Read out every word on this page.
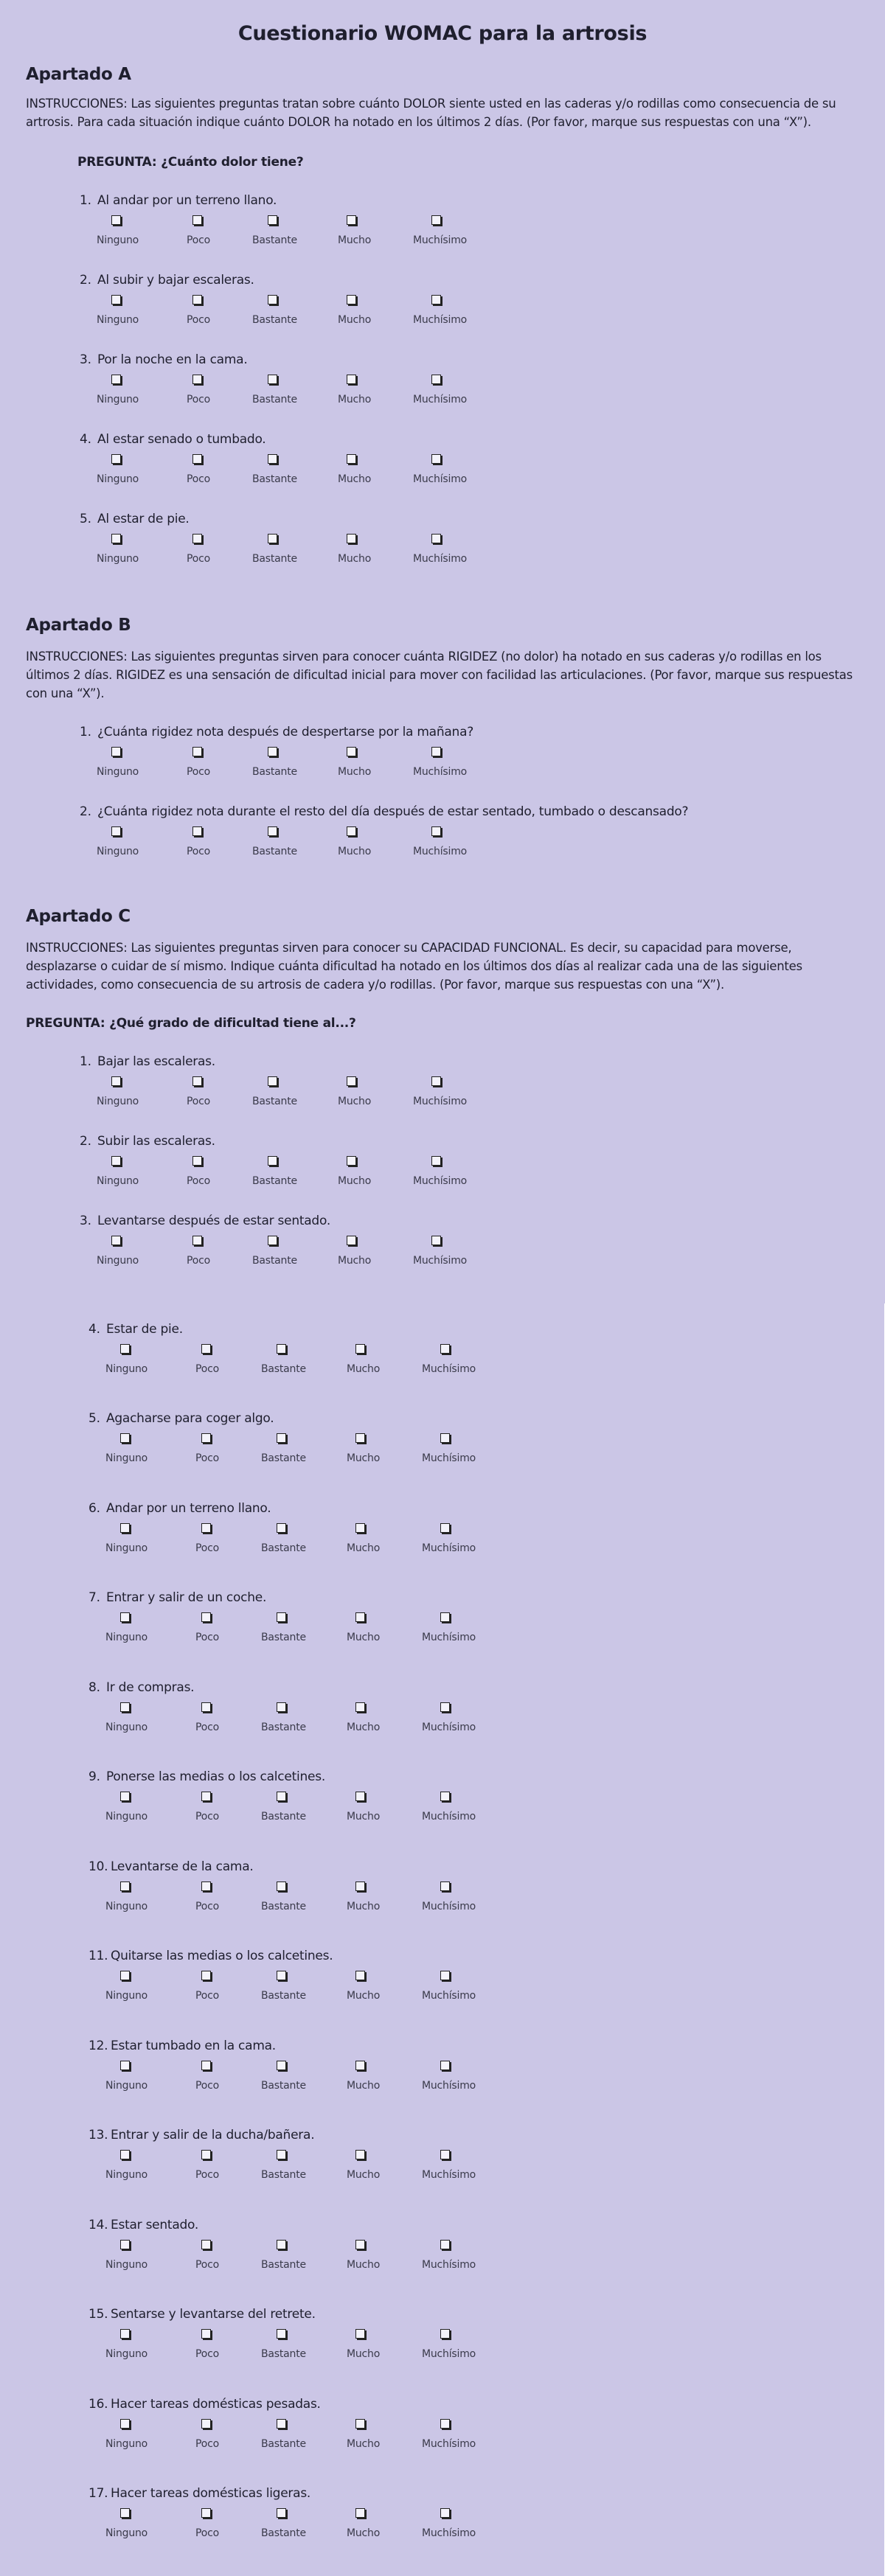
Cuestionario WOMAC para la artrosis
Apartado A

INSTRUCCIONES: Las siguientes preguntas tratan sobre cuánto DOLOR siente usted en las caderas y/o rodillas como consecuencia de su artrosis. Para cada situación indique cuánto DOLOR ha notado en los últimos 2 días. (Por favor, marque sus respuestas con una “X”).

PREGUNTA: ¿Cuánto dolor tiene?
1. Al andar por un terreno llano.
Ninguno	Poco	Bastante	Mucho	Muchísimo
2. Al subir y bajar escaleras.
Ninguno	Poco	Bastante	Mucho	Muchísimo
3. Por la noche en la cama.
Ninguno	Poco	Bastante	Mucho	Muchísimo
4. Al estar senado o tumbado.
Ninguno	Poco	Bastante	Mucho	Muchísimo
5. Al estar de pie.
Ninguno	Poco	Bastante	Mucho	Muchísimo
Apartado B

INSTRUCCIONES: Las siguientes preguntas sirven para conocer cuánta RIGIDEZ (no dolor) ha notado en sus caderas y/o rodillas en los últimos 2 días. RIGIDEZ es una sensación de dificultad inicial para mover con facilidad las articulaciones. (Por favor, marque sus respuestas con una “X”).

1. ¿Cuánta rigidez nota después de despertarse por la mañana?
Ninguno	Poco	Bastante	Mucho	Muchísimo
2. ¿Cuánta rigidez nota durante el resto del día después de estar sentado, tumbado o descansado?
Ninguno	Poco	Bastante	Mucho	Muchísimo
Apartado C

INSTRUCCIONES: Las siguientes preguntas sirven para conocer su CAPACIDAD FUNCIONAL. Es decir, su capacidad para moverse, desplazarse o cuidar de sí mismo. Indique cuánta dificultad ha notado en los últimos dos días al realizar cada una de las siguientes actividades, como consecuencia de su artrosis de cadera y/o rodillas. (Por favor, marque sus respuestas con una “X”).

PREGUNTA: ¿Qué grado de dificultad tiene al...?
1. Bajar las escaleras.
Ninguno	Poco	Bastante	Mucho	Muchísimo
2. Subir las escaleras.
Ninguno	Poco	Bastante	Mucho	Muchísimo
3. Levantarse después de estar sentado.
Ninguno	Poco	Bastante	Mucho	Muchísimo
4. Estar de pie.
Ninguno	Poco	Bastante	Mucho	Muchísimo
5. Agacharse para coger algo.
Ninguno	Poco	Bastante	Mucho	Muchísimo
6. Andar por un terreno llano.
Ninguno	Poco	Bastante	Mucho	Muchísimo
7. Entrar y salir de un coche.
Ninguno	Poco	Bastante	Mucho	Muchísimo
8. Ir de compras.
Ninguno	Poco	Bastante	Mucho	Muchísimo
9. Ponerse las medias o los calcetines.
Ninguno	Poco	Bastante	Mucho	Muchísimo
10. Levantarse de la cama.
Ninguno	Poco	Bastante	Mucho	Muchísimo
11. Quitarse las medias o los calcetines.
Ninguno	Poco	Bastante	Mucho	Muchísimo
12. Estar tumbado en la cama.
Ninguno	Poco	Bastante	Mucho	Muchísimo
13. Entrar y salir de la ducha/bañera.
Ninguno	Poco	Bastante	Mucho	Muchísimo
14. Estar sentado.
Ninguno	Poco	Bastante	Mucho	Muchísimo
15. Sentarse y levantarse del retrete.
Ninguno	Poco	Bastante	Mucho	Muchísimo
16. Hacer tareas domésticas pesadas.
Ninguno	Poco	Bastante	Mucho	Muchísimo
17. Hacer tareas domésticas ligeras.
Ninguno	Poco	Bastante	Mucho	Muchísimo
